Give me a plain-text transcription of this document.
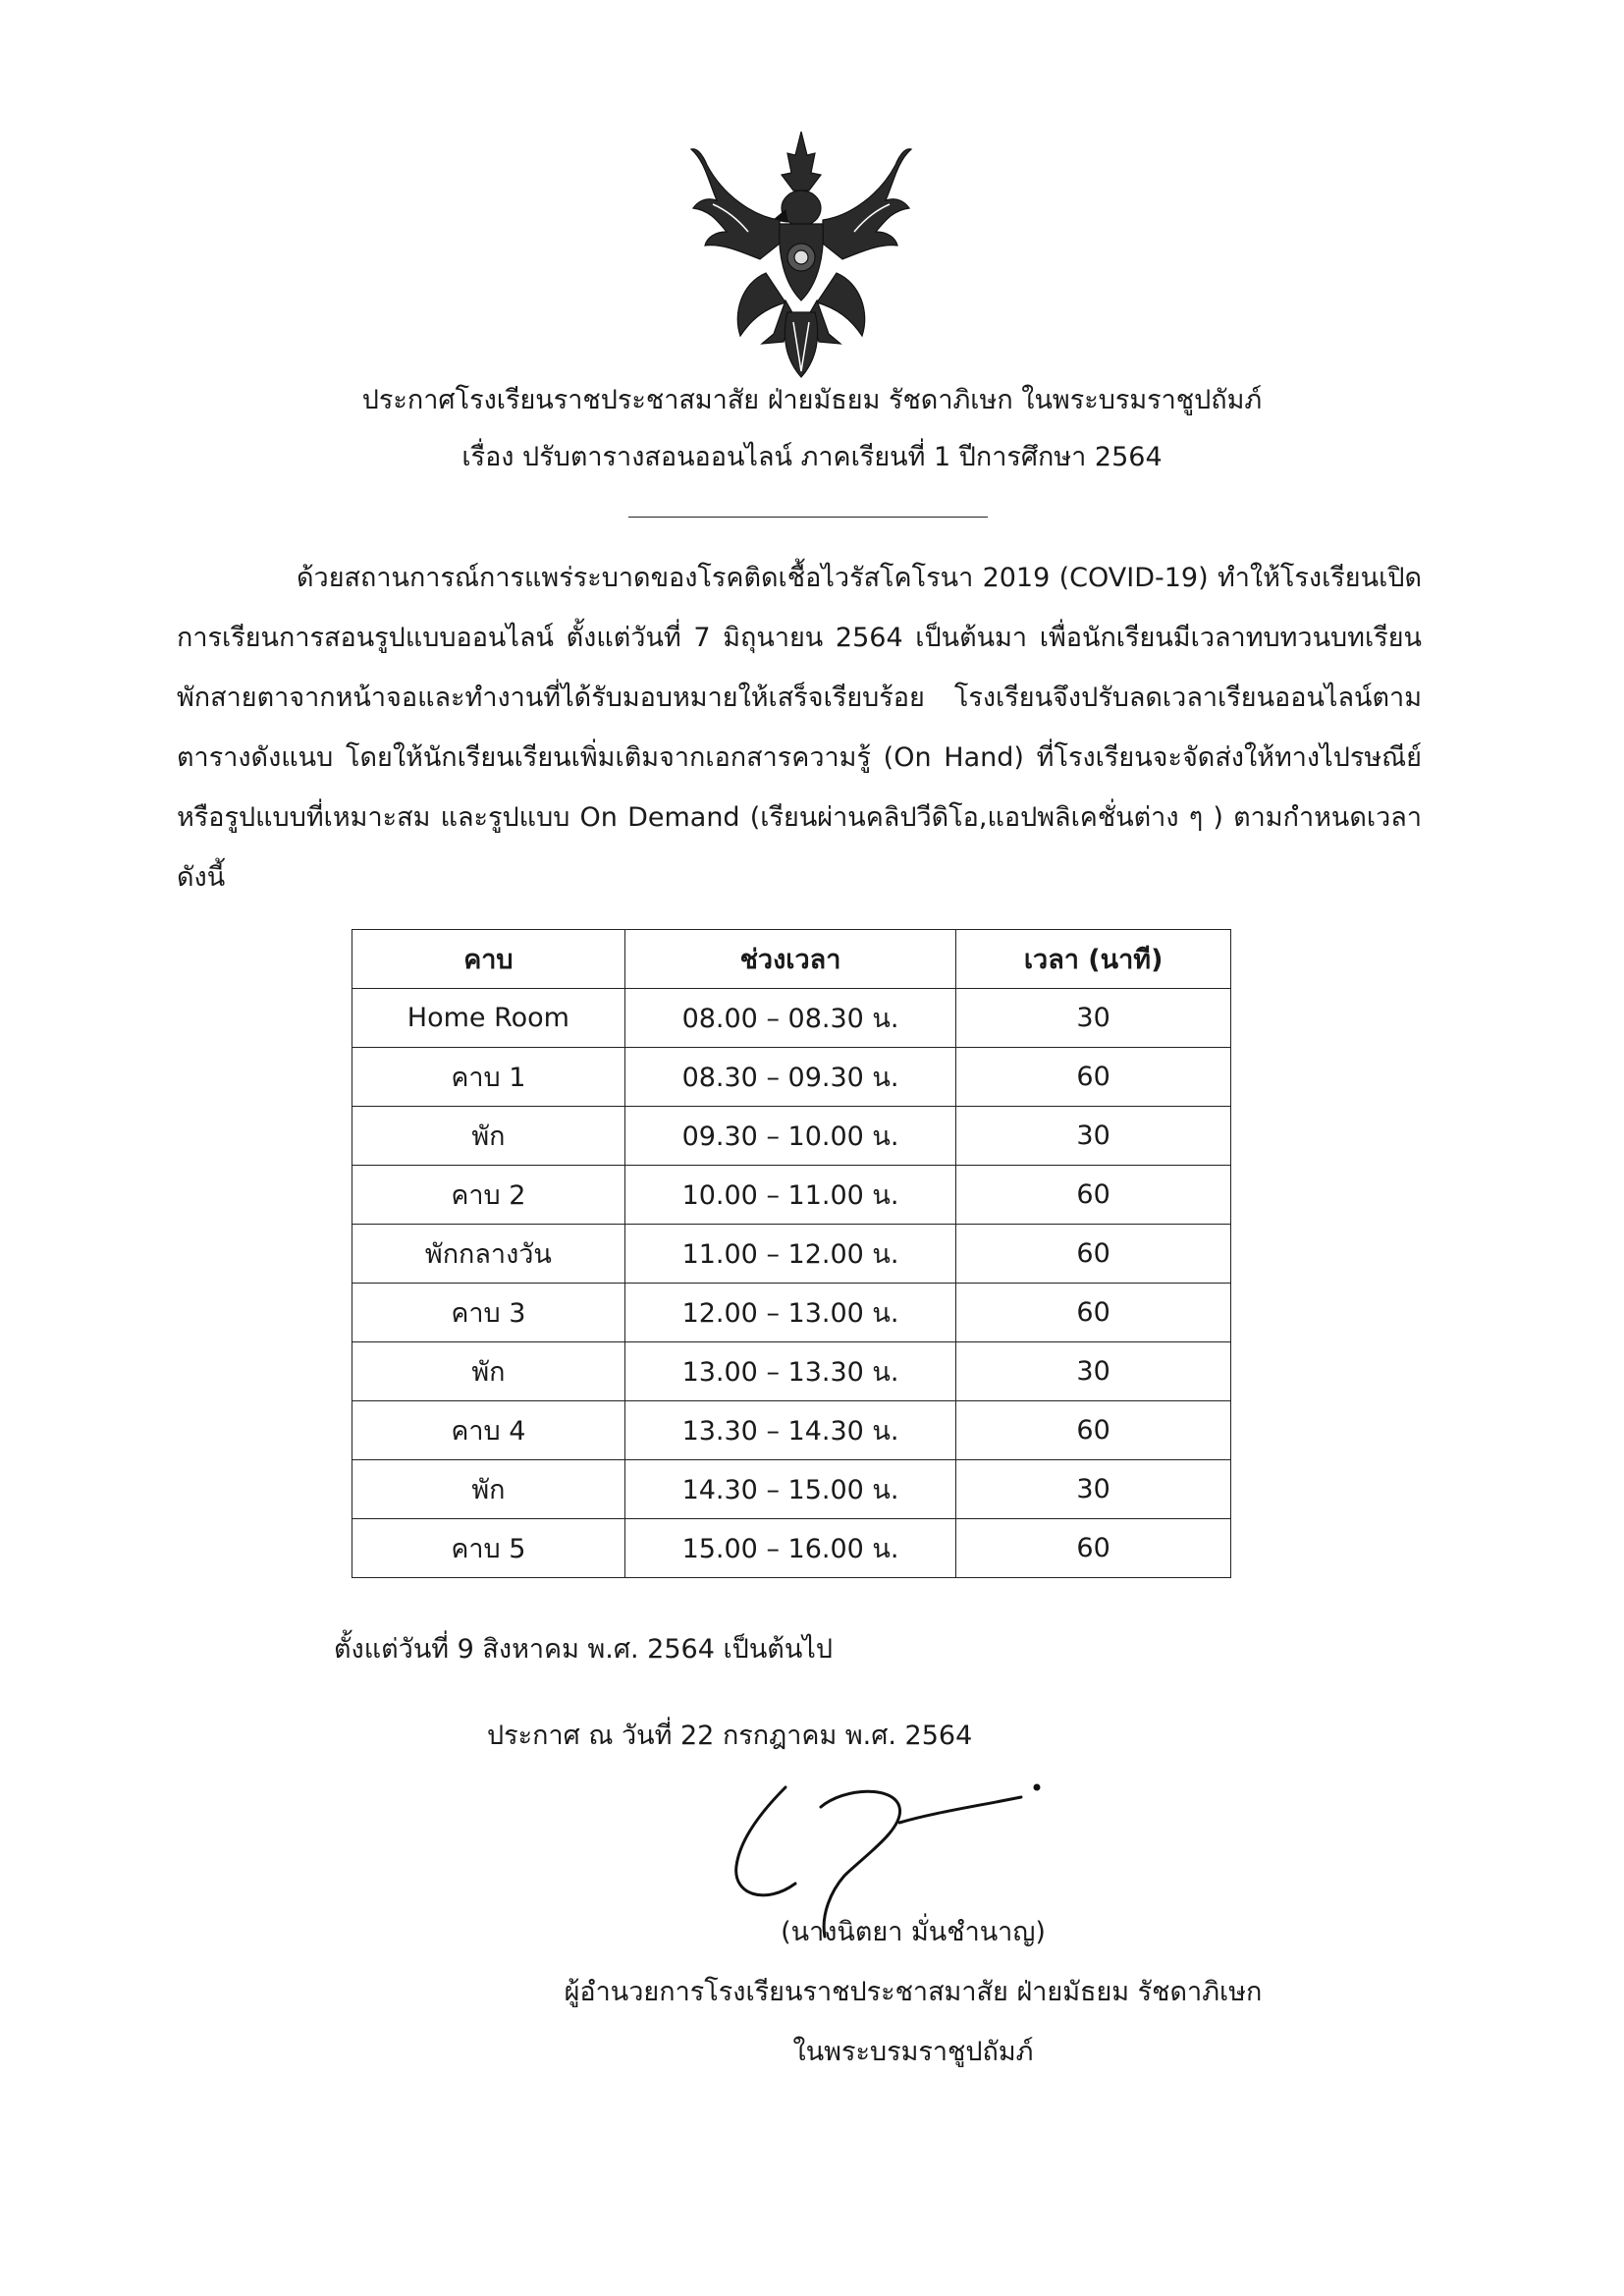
ประกาศโรงเรียนราชประชาสมาสัย ฝ่ายมัธยม รัชดาภิเษก ในพระบรมราชูปถัมภ์
เรื่อง ปรับตารางสอนออนไลน์ ภาคเรียนที่ 1 ปีการศึกษา 2564
ด้วยสถานการณ์การแพร่ระบาดของโรคติดเชื้อไวรัสโคโรนา 2019 (COVID-19) ทำให้โรงเรียนเปิดการเรียนการสอนรูปแบบออนไลน์ ตั้งแต่วันที่ 7 มิถุนายน 2564 เป็นต้นมา เพื่อนักเรียนมีเวลาทบทวนบทเรียน พักสายตาจากหน้าจอและทำงานที่ได้รับมอบหมายให้เสร็จเรียบร้อย โรงเรียนจึงปรับลดเวลาเรียนออนไลน์ตามตารางดังแนบ โดยให้นักเรียนเรียนเพิ่มเติมจากเอกสารความรู้ (On Hand) ที่โรงเรียนจะจัดส่งให้ทางไปรษณีย์หรือรูปแบบที่เหมาะสม และรูปแบบ On Demand (เรียนผ่านคลิปวีดิโอ,แอปพลิเคชั่นต่าง ๆ ) ตามกำหนดเวลา ดังนี้
คาบ	ช่วงเวลา	เวลา (นาที)
Home Room	08.00 – 08.30 น.	30
คาบ 1	08.30 – 09.30 น.	60
พัก	09.30 – 10.00 น.	30
คาบ 2	10.00 – 11.00 น.	60
พักกลางวัน	11.00 – 12.00 น.	60
คาบ 3	12.00 – 13.00 น.	60
พัก	13.00 – 13.30 น.	30
คาบ 4	13.30 – 14.30 น.	60
พัก	14.30 – 15.00 น.	30
คาบ 5	15.00 – 16.00 น.	60
ตั้งแต่วันที่ 9 สิงหาคม พ.ศ. 2564 เป็นต้นไป
ประกาศ ณ วันที่ 22 กรกฎาคม พ.ศ. 2564
(นางนิตยา มั่นชำนาญ)
ผู้อำนวยการโรงเรียนราชประชาสมาสัย ฝ่ายมัธยม รัชดาภิเษก
ในพระบรมราชูปถัมภ์
